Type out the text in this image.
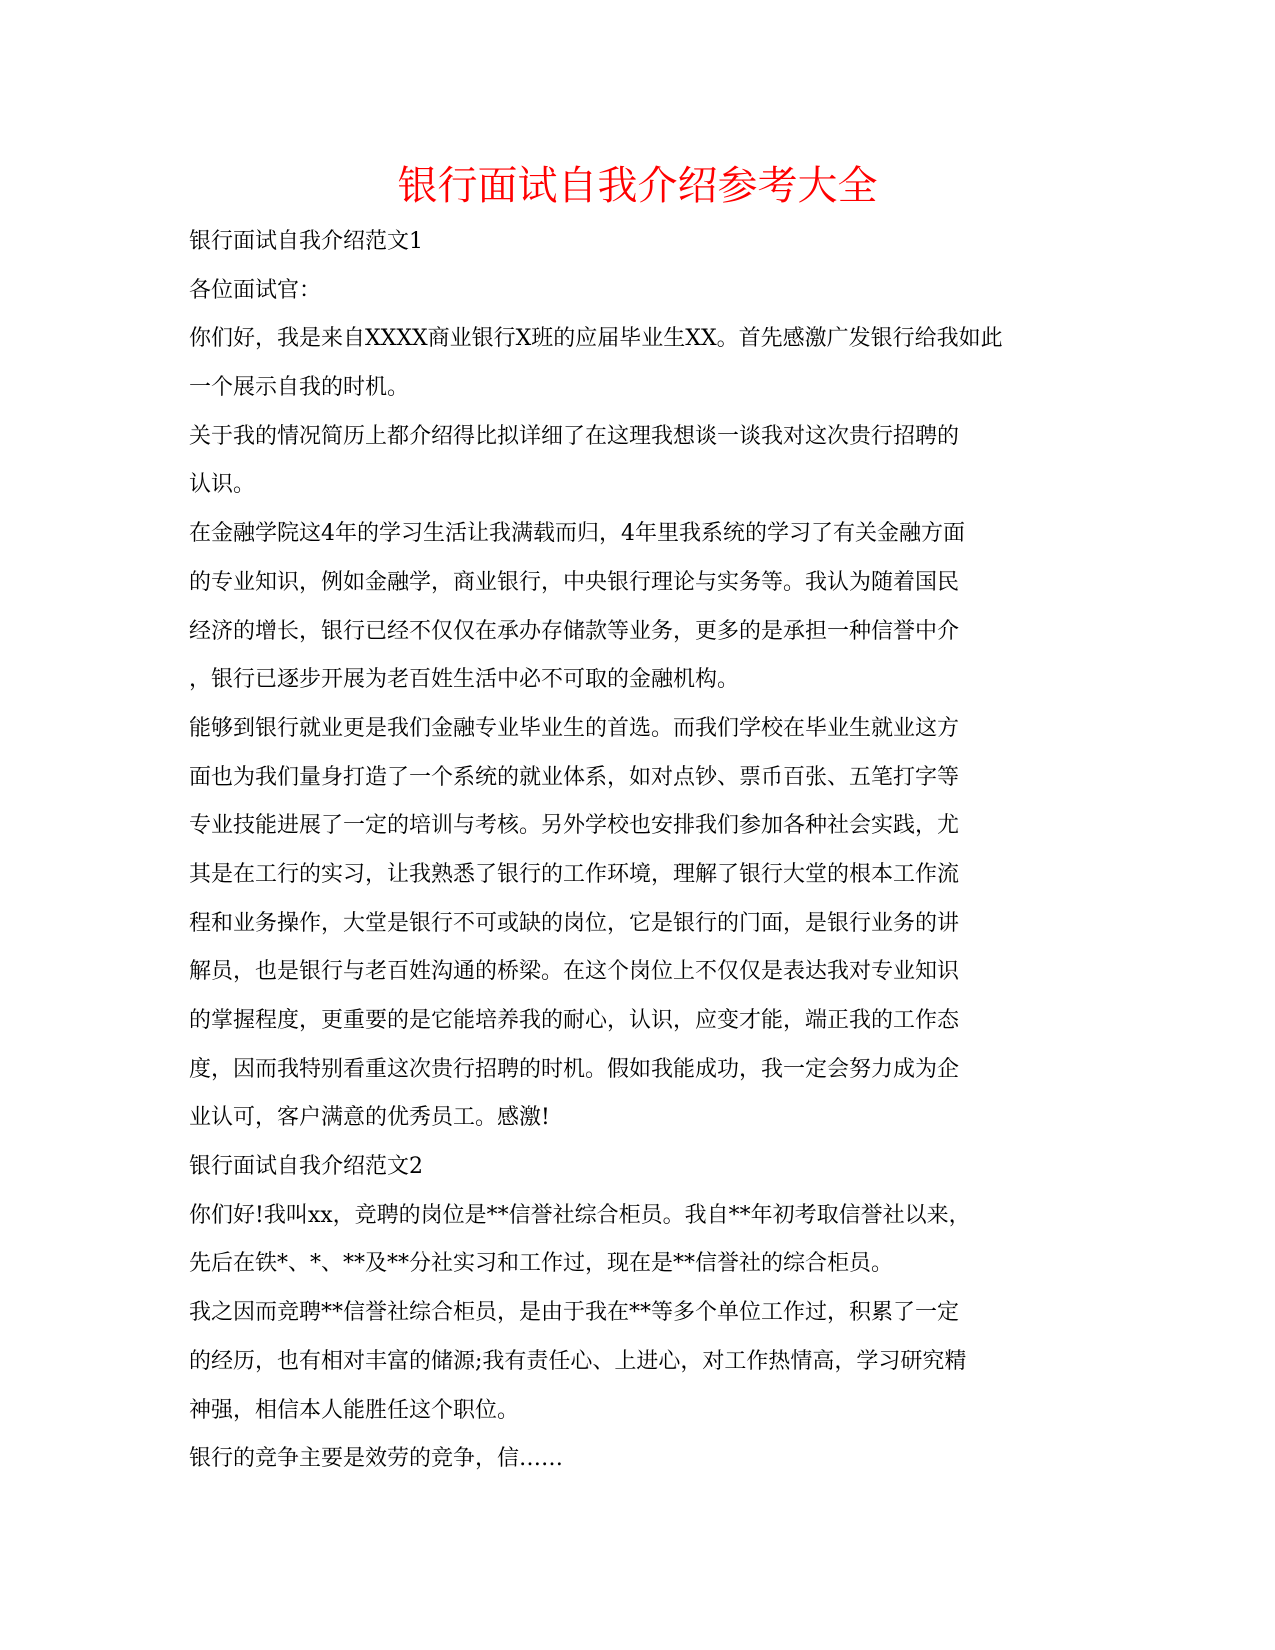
银行面试自我介绍参考大全
银行面试自我介绍范文1
各位面试官：
你们好，我是来自XXXX商业银行X班的应届毕业生XX。首先感激广发银行给我如此
一个展示自我的时机。
关于我的情况简历上都介绍得比拟详细了在这理我想谈一谈我对这次贵行招聘的
认识。
在金融学院这4年的学习生活让我满载而归，4年里我系统的学习了有关金融方面
的专业知识，例如金融学，商业银行，中央银行理论与实务等。我认为随着国民
经济的增长，银行已经不仅仅在承办存储款等业务，更多的是承担一种信誉中介
，银行已逐步开展为老百姓生活中必不可取的金融机构。
能够到银行就业更是我们金融专业毕业生的首选。而我们学校在毕业生就业这方
面也为我们量身打造了一个系统的就业体系，如对点钞、票币百张、五笔打字等
专业技能进展了一定的培训与考核。另外学校也安排我们参加各种社会实践，尤
其是在工行的实习，让我熟悉了银行的工作环境，理解了银行大堂的根本工作流
程和业务操作，大堂是银行不可或缺的岗位，它是银行的门面，是银行业务的讲
解员，也是银行与老百姓沟通的桥梁。在这个岗位上不仅仅是表达我对专业知识
的掌握程度，更重要的是它能培养我的耐心，认识，应变才能，端正我的工作态
度，因而我特别看重这次贵行招聘的时机。假如我能成功，我一定会努力成为企
业认可，客户满意的优秀员工。感激!
银行面试自我介绍范文2
你们好!我叫xx，竞聘的岗位是**信誉社综合柜员。我自**年初考取信誉社以来，
先后在铁*、*、**及**分社实习和工作过，现在是**信誉社的综合柜员。
我之因而竞聘**信誉社综合柜员，是由于我在**等多个单位工作过，积累了一定
的经历，也有相对丰富的储源;我有责任心、上进心，对工作热情高，学习研究精
神强，相信本人能胜任这个职位。
银行的竞争主要是效劳的竞争，信……
